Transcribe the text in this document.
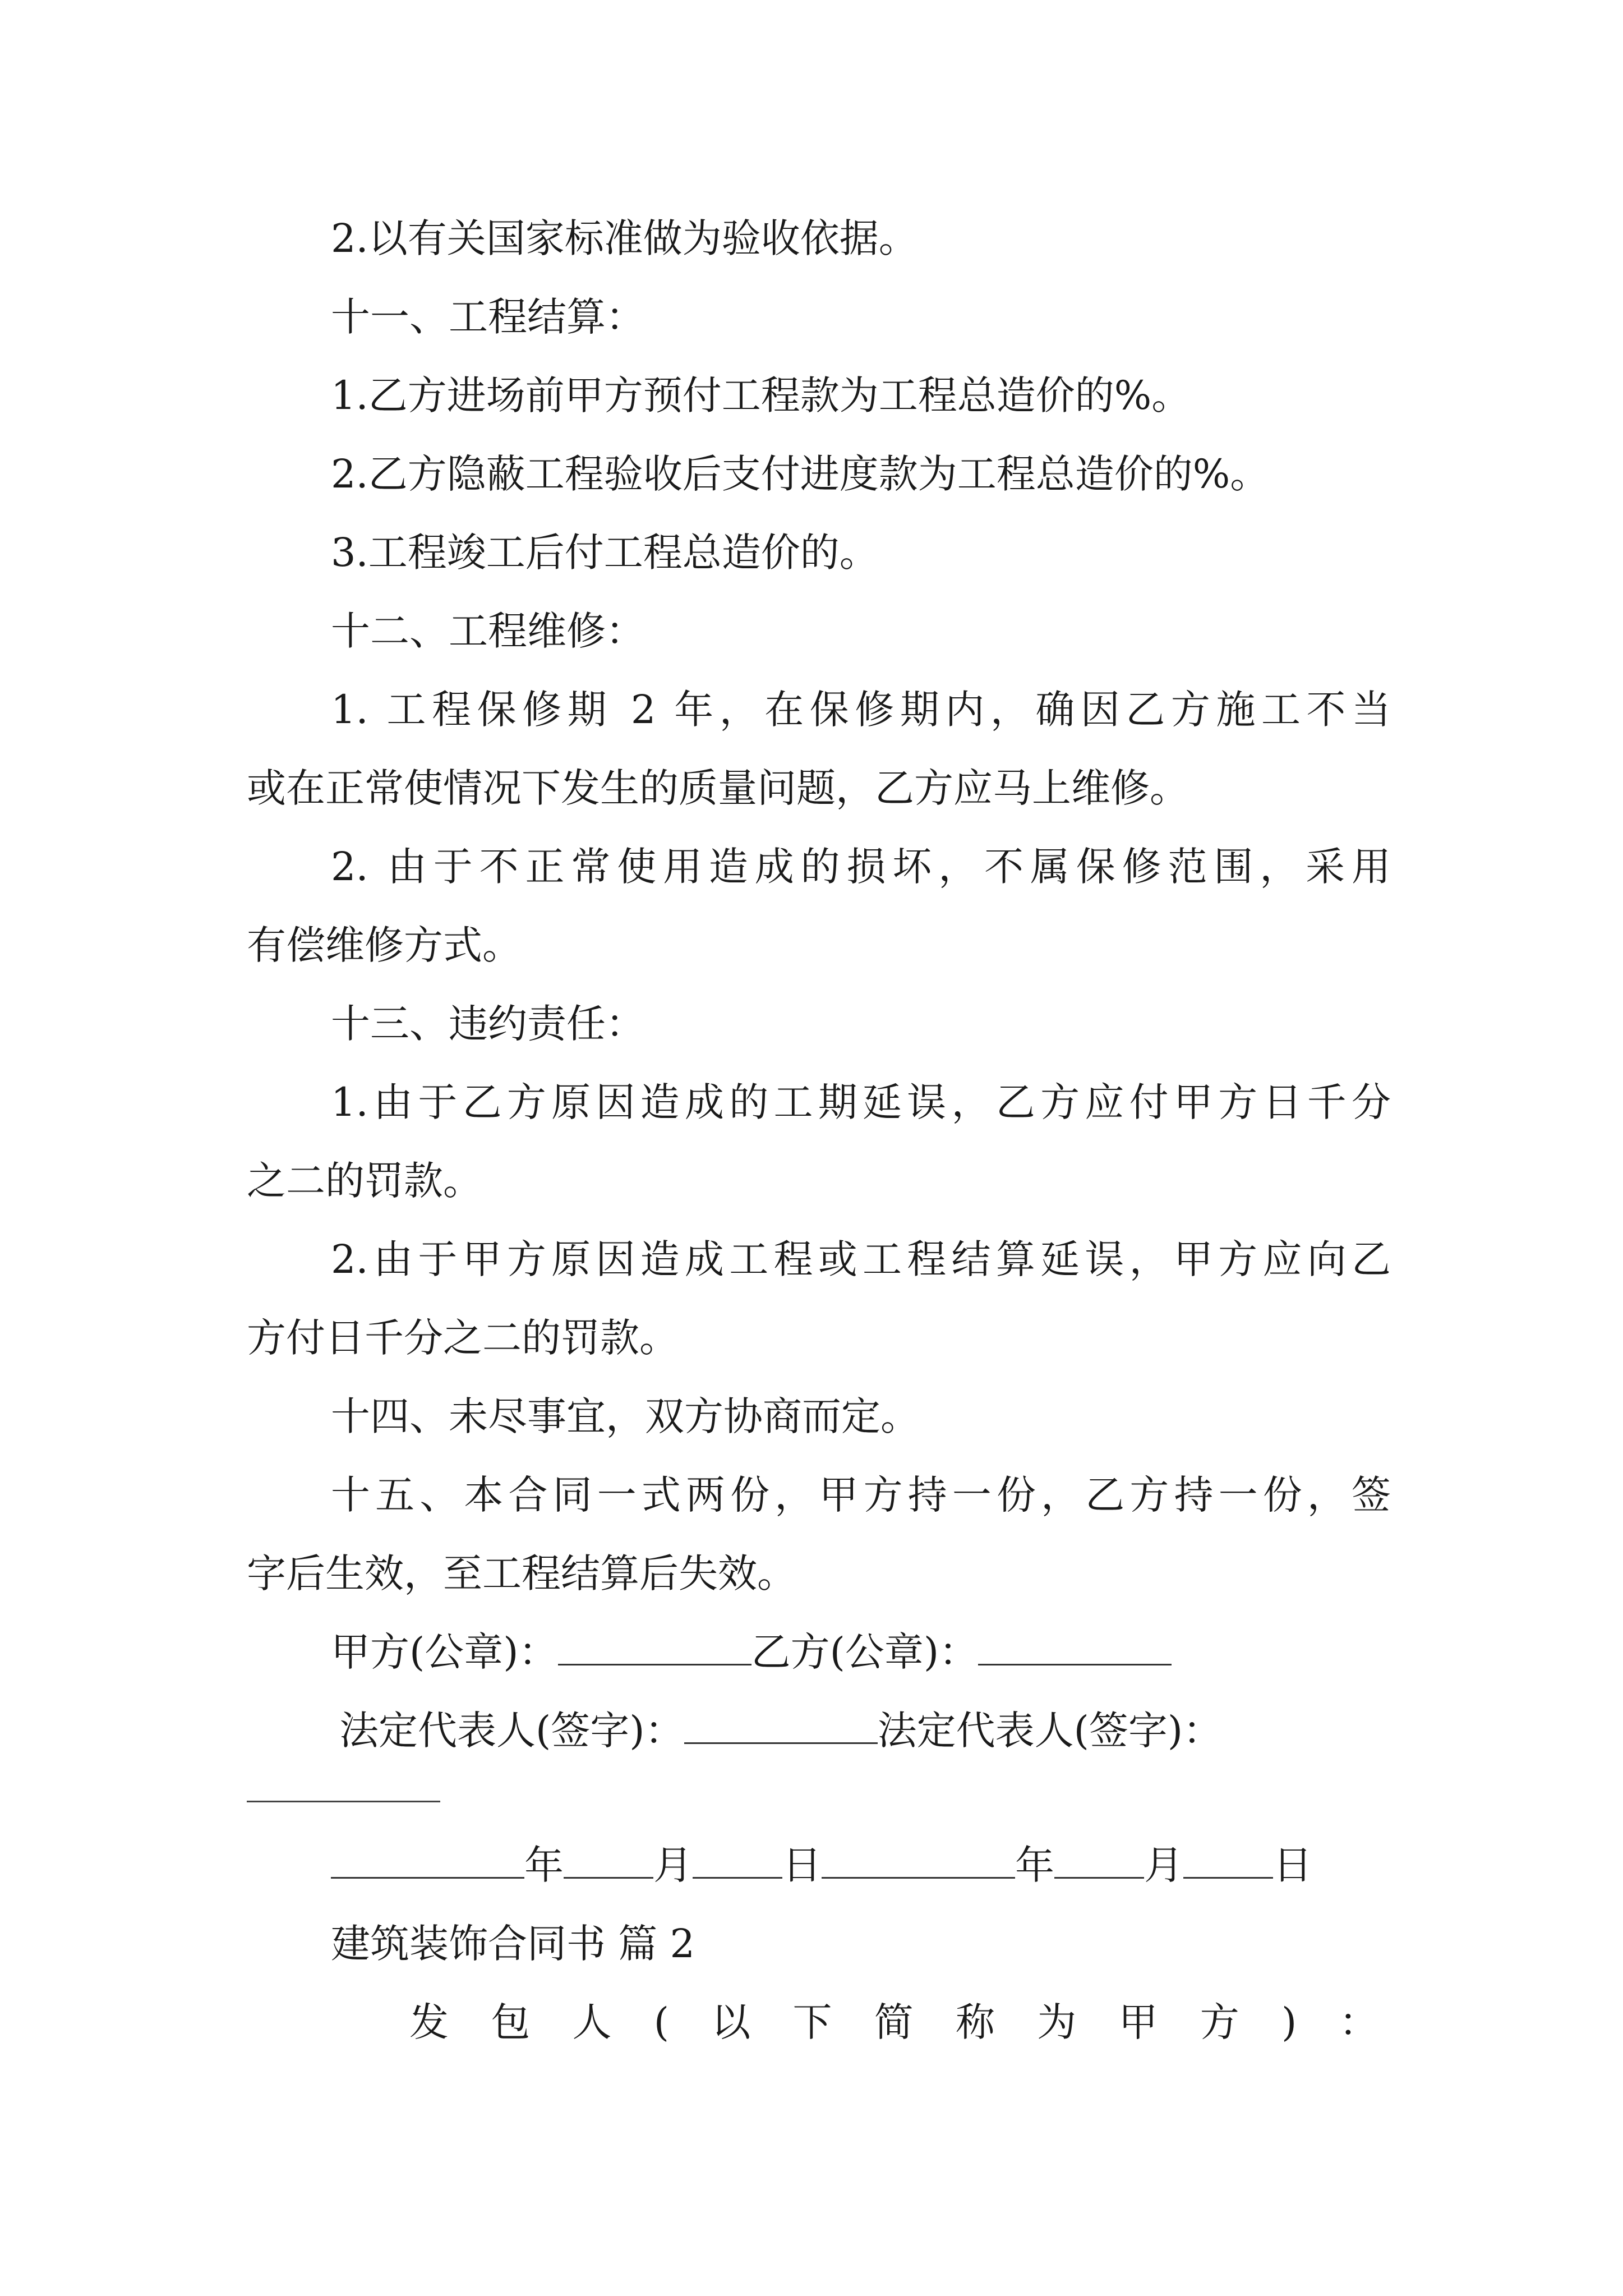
2.以有关国家标准做为验收依据。

十一、工程结算：

1.乙方进场前甲方预付工程款为工程总造价的%。

2.乙方隐蔽工程验收后支付进度款为工程总造价的%。

3.工程竣工后付工程总造价的。

十二、工程维修：

1. 工程保修期 2 年，在保修期内，确因乙方施工不当

或在正常使情况下发生的质量问题，乙方应马上维修。

2. 由于不正常使用造成的损坏，不属保修范围，采用

有偿维修方式。

十三、违约责任：

1.由于乙方原因造成的工期延误，乙方应付甲方日千分

之二的罚款。

2.由于甲方原因造成工程或工程结算延误，甲方应向乙

方付日千分之二的罚款。

十四、未尽事宜，双方协商而定。

十五、本合同一式两份，甲方持一份，乙方持一份，签

字后生效，至工程结算后失效。

甲方(公章)：	乙方(公章)：

法定代表人(签字)：	法定代表人(签字)：

年 月 日	年 月 日

建筑装饰合同书 篇 2

发包人(以下简称为甲方)：
